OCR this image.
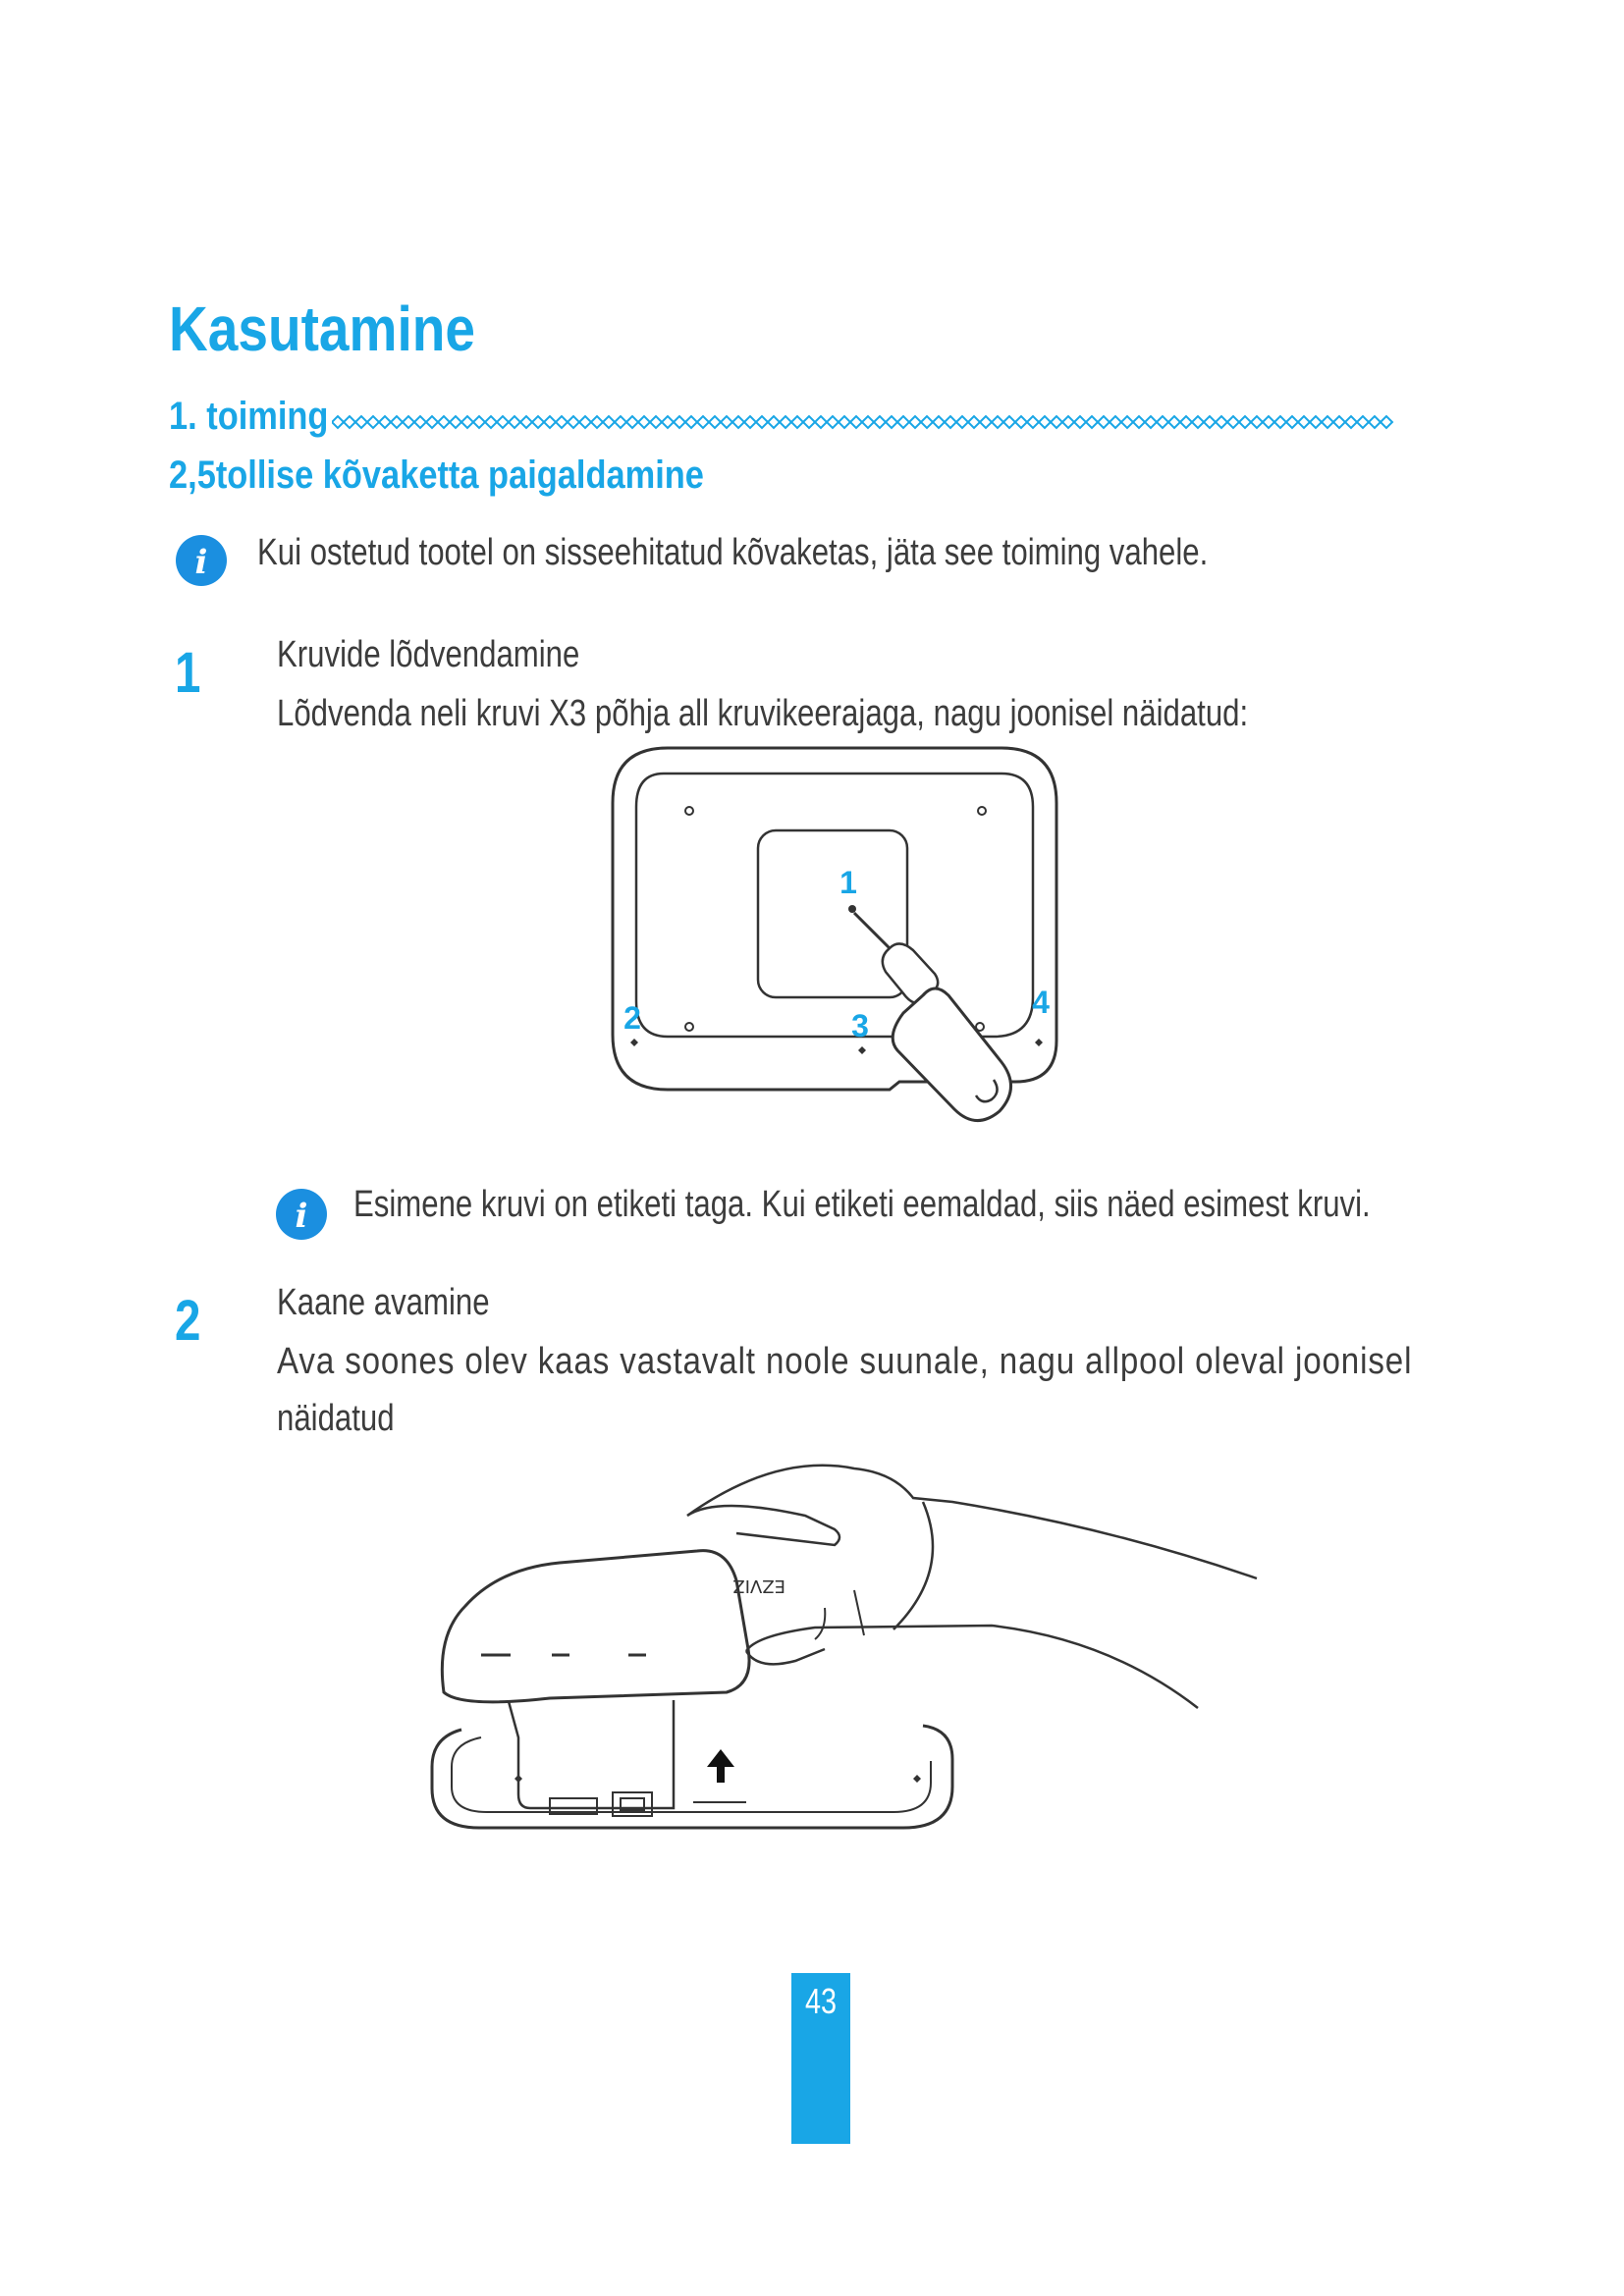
Kasutamine
1. toiming
2,5tollise kõvaketta paigaldamine
i Kui ostetud tootel on sisseehitatud kõvaketas, jäta see toiming vahele.
1 Kruvide lõdvendamine
Lõdvenda neli kruvi X3 põhja all kruvikeerajaga, nagu joonisel näidatud:
1
2	3
4
i Esimene kruvi on etiketi taga. Kui etiketi eemaldad, siis näed esimest kruvi.
2 Kaane avamine
Ava soones olev kaas vastavalt noole suunale, nagu allpool oleval joonisel
näidatud
EZVIZ
43
